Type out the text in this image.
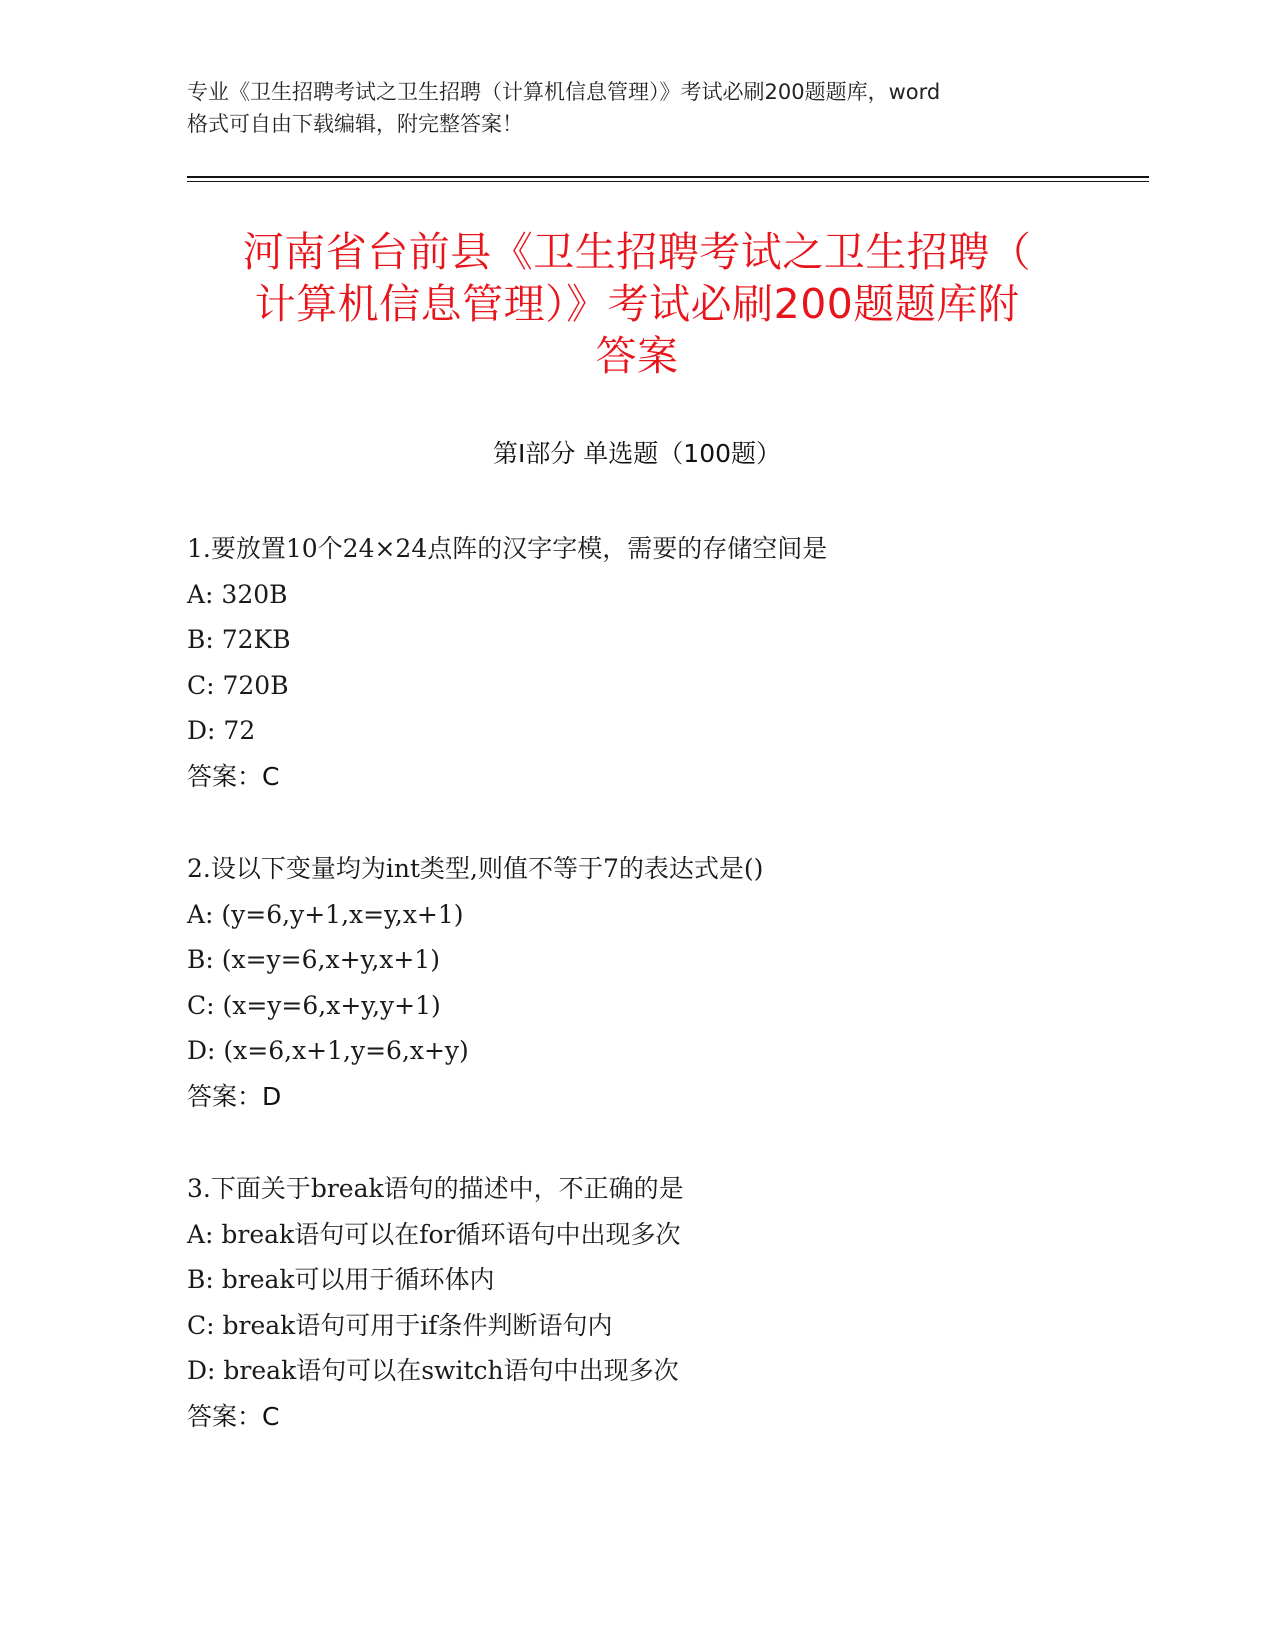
专业《卫生招聘考试之卫生招聘（计算机信息管理）》考试必刷200题题库，word
格式可自由下载编辑，附完整答案！
河南省台前县《卫生招聘考试之卫生招聘（
计算机信息管理）》考试必刷200题题库附
答案
第Ⅰ部分 单选题（100题）
1.要放置10个24×24点阵的汉字字模，需要的存储空间是
A: 320B
B: 72KB
C: 720B
D: 72
答案：C
2.设以下变量均为int类型,则值不等于7的表达式是()
A: (y=6,y+1,x=y,x+1)
B: (x=y=6,x+y,x+1)
C: (x=y=6,x+y,y+1)
D: (x=6,x+1,y=6,x+y)
答案：D
3.下面关于break语句的描述中，不正确的是
A: break语句可以在for循环语句中出现多次
B: break可以用于循环体内
C: break语句可用于if条件判断语句内
D: break语句可以在switch语句中出现多次
答案：C
